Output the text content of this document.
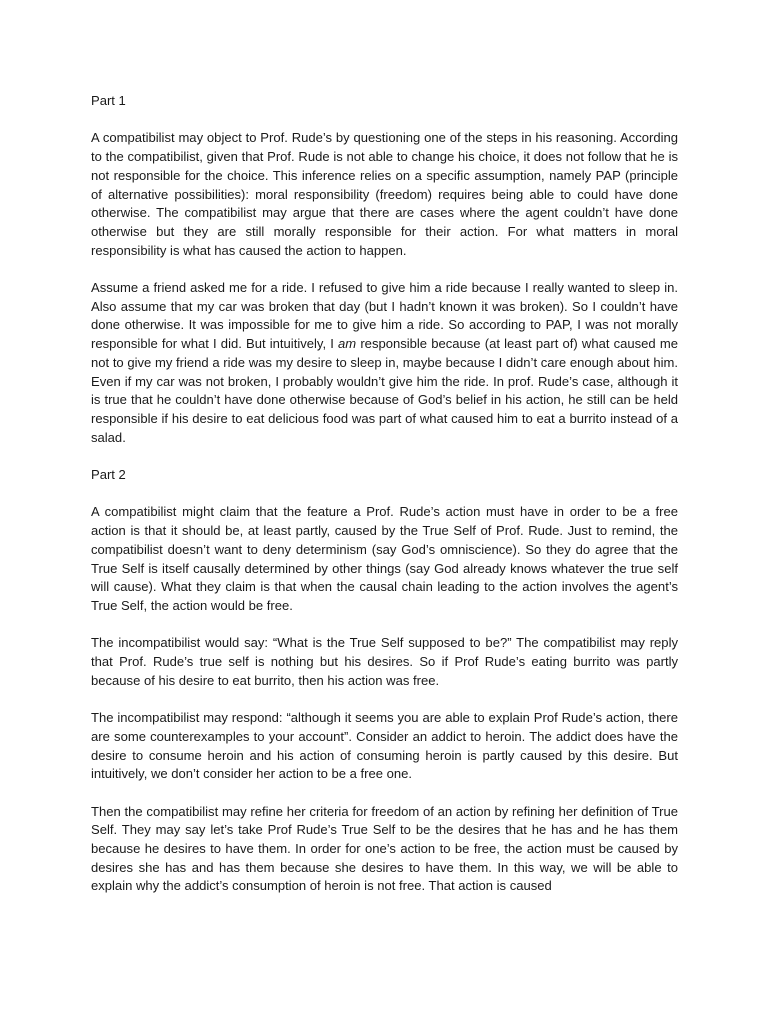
Part 1

A compatibilist may object to Prof. Rude’s by questioning one of the steps in his reasoning. According to the compatibilist, given that Prof. Rude is not able to change his choice, it does not follow that he is not responsible for the choice. This inference relies on a specific assumption, namely PAP (principle of alternative possibilities): moral responsibility (freedom) requires being able to could have done otherwise. The compatibilist may argue that there are cases where the agent couldn’t have done otherwise but they are still morally responsible for their action. For what matters in moral responsibility is what has caused the action to happen.

Assume a friend asked me for a ride. I refused to give him a ride because I really wanted to sleep in. Also assume that my car was broken that day (but I hadn’t known it was broken). So I couldn’t have done otherwise. It was impossible for me to give him a ride. So according to PAP, I was not morally responsible for what I did. But intuitively, I am responsible because (at least part of) what caused me not to give my friend a ride was my desire to sleep in, maybe because I didn’t care enough about him. Even if my car was not broken, I probably wouldn’t give him the ride. In prof. Rude’s case, although it is true that he couldn’t have done otherwise because of God’s belief in his action, he still can be held responsible if his desire to eat delicious food was part of what caused him to eat a burrito instead of a salad.

Part 2

A compatibilist might claim that the feature a Prof. Rude’s action must have in order to be a free action is that it should be, at least partly, caused by the True Self of Prof. Rude. Just to remind, the compatibilist doesn’t want to deny determinism (say God’s omniscience). So they do agree that the True Self is itself causally determined by other things (say God already knows whatever the true self will cause). What they claim is that when the causal chain leading to the action involves the agent’s True Self, the action would be free.

The incompatibilist would say: “What is the True Self supposed to be?” The compatibilist may reply that Prof. Rude’s true self is nothing but his desires. So if Prof Rude’s eating burrito was partly because of his desire to eat burrito, then his action was free.

The incompatibilist may respond: “although it seems you are able to explain Prof Rude’s action, there are some counterexamples to your account”. Consider an addict to heroin. The addict does have the desire to consume heroin and his action of consuming heroin is partly caused by this desire. But intuitively, we don’t consider her action to be a free one.

Then the compatibilist may refine her criteria for freedom of an action by refining her definition of True Self. They may say let’s take Prof Rude’s True Self to be the desires that he has and he has them because he desires to have them. In order for one’s action to be free, the action must be caused by desires she has and has them because she desires to have them. In this way, we will be able to explain why the addict’s consumption of heroin is not free. That action is caused
